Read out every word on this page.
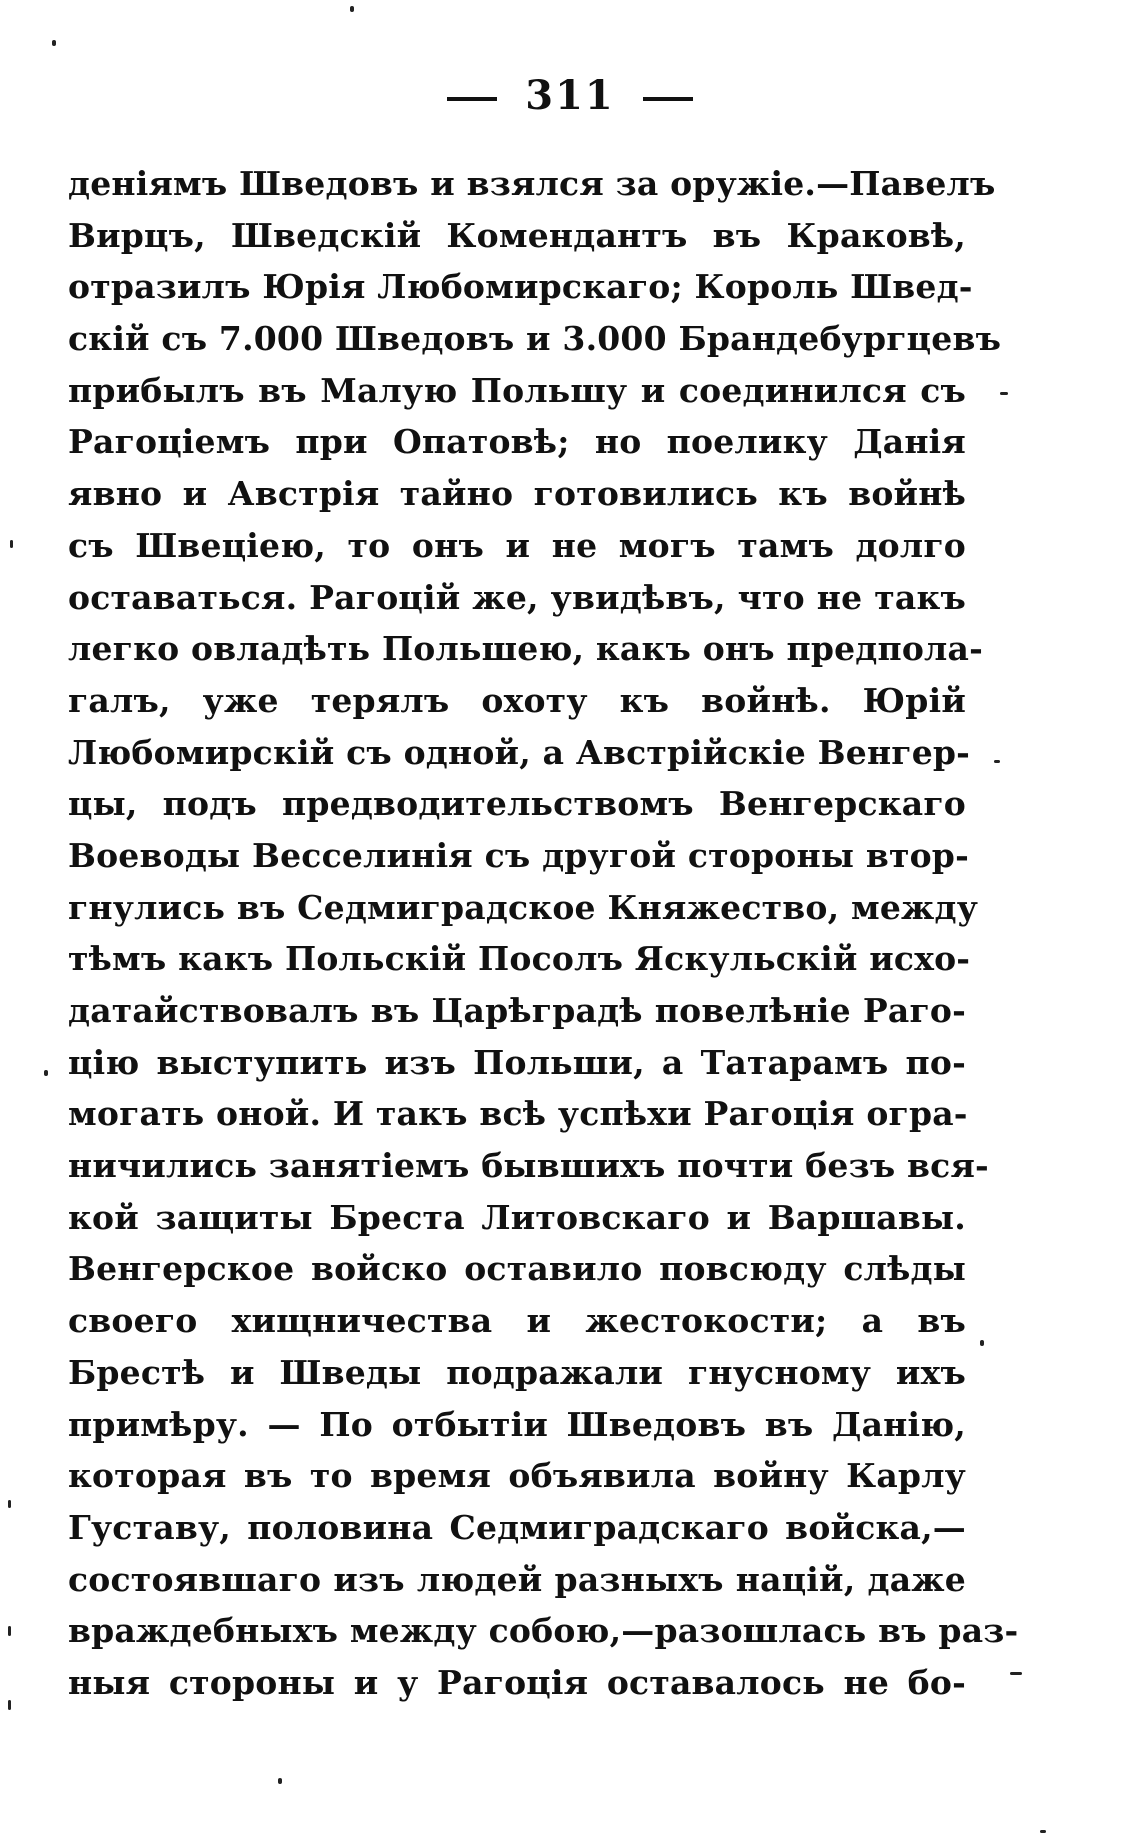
311
деніямъ Шведовъ и взялся за оружіе.—Павелъ
Вирцъ, Шведскій Комендантъ въ Краковѣ,
отразилъ Юрія Любомирскаго; Король Швед-
скій съ 7.000 Шведовъ и 3.000 Брандебургцевъ
прибылъ въ Малую Польшу и соединился съ
Рагоціемъ при Опатовѣ; но поелику Данія
явно и Австрія тайно готовились къ войнѣ
съ Швеціею, то онъ и не могъ тамъ долго
оставаться. Рагоцій же, увидѣвъ, что не такъ
легко овладѣть Польшею, какъ онъ предпола-
галъ, уже терялъ охоту къ войнѣ. Юрій
Любомирскій съ одной, а Австрійскіе Венгер-
цы, подъ предводительствомъ Венгерскаго
Воеводы Весселинія съ другой стороны втор-
гнулись въ Седмиградское Княжество, между
тѣмъ какъ Польскій Посолъ Яскульскій исхо-
датайствовалъ въ Царѣградѣ повелѣніе Раго-
цію выступить изъ Польши, а Татарамъ по-
могать оной. И такъ всѣ успѣхи Рагоція огра-
ничились занятіемъ бывшихъ почти безъ вся-
кой защиты Бреста Литовскаго и Варшавы.
Венгерское войско оставило повсюду слѣды
своего хищничества и жестокости; а въ
Брестѣ и Шведы подражали гнусному ихъ
примѣру. — По отбытіи Шведовъ въ Данію,
которая въ то время объявила войну Карлу
Густаву, половина Седмиградскаго войска,—
состоявшаго изъ людей разныхъ націй, даже
враждебныхъ между собою,—разошлась въ раз-
ныя стороны и у Рагоція оставалось не бо-
